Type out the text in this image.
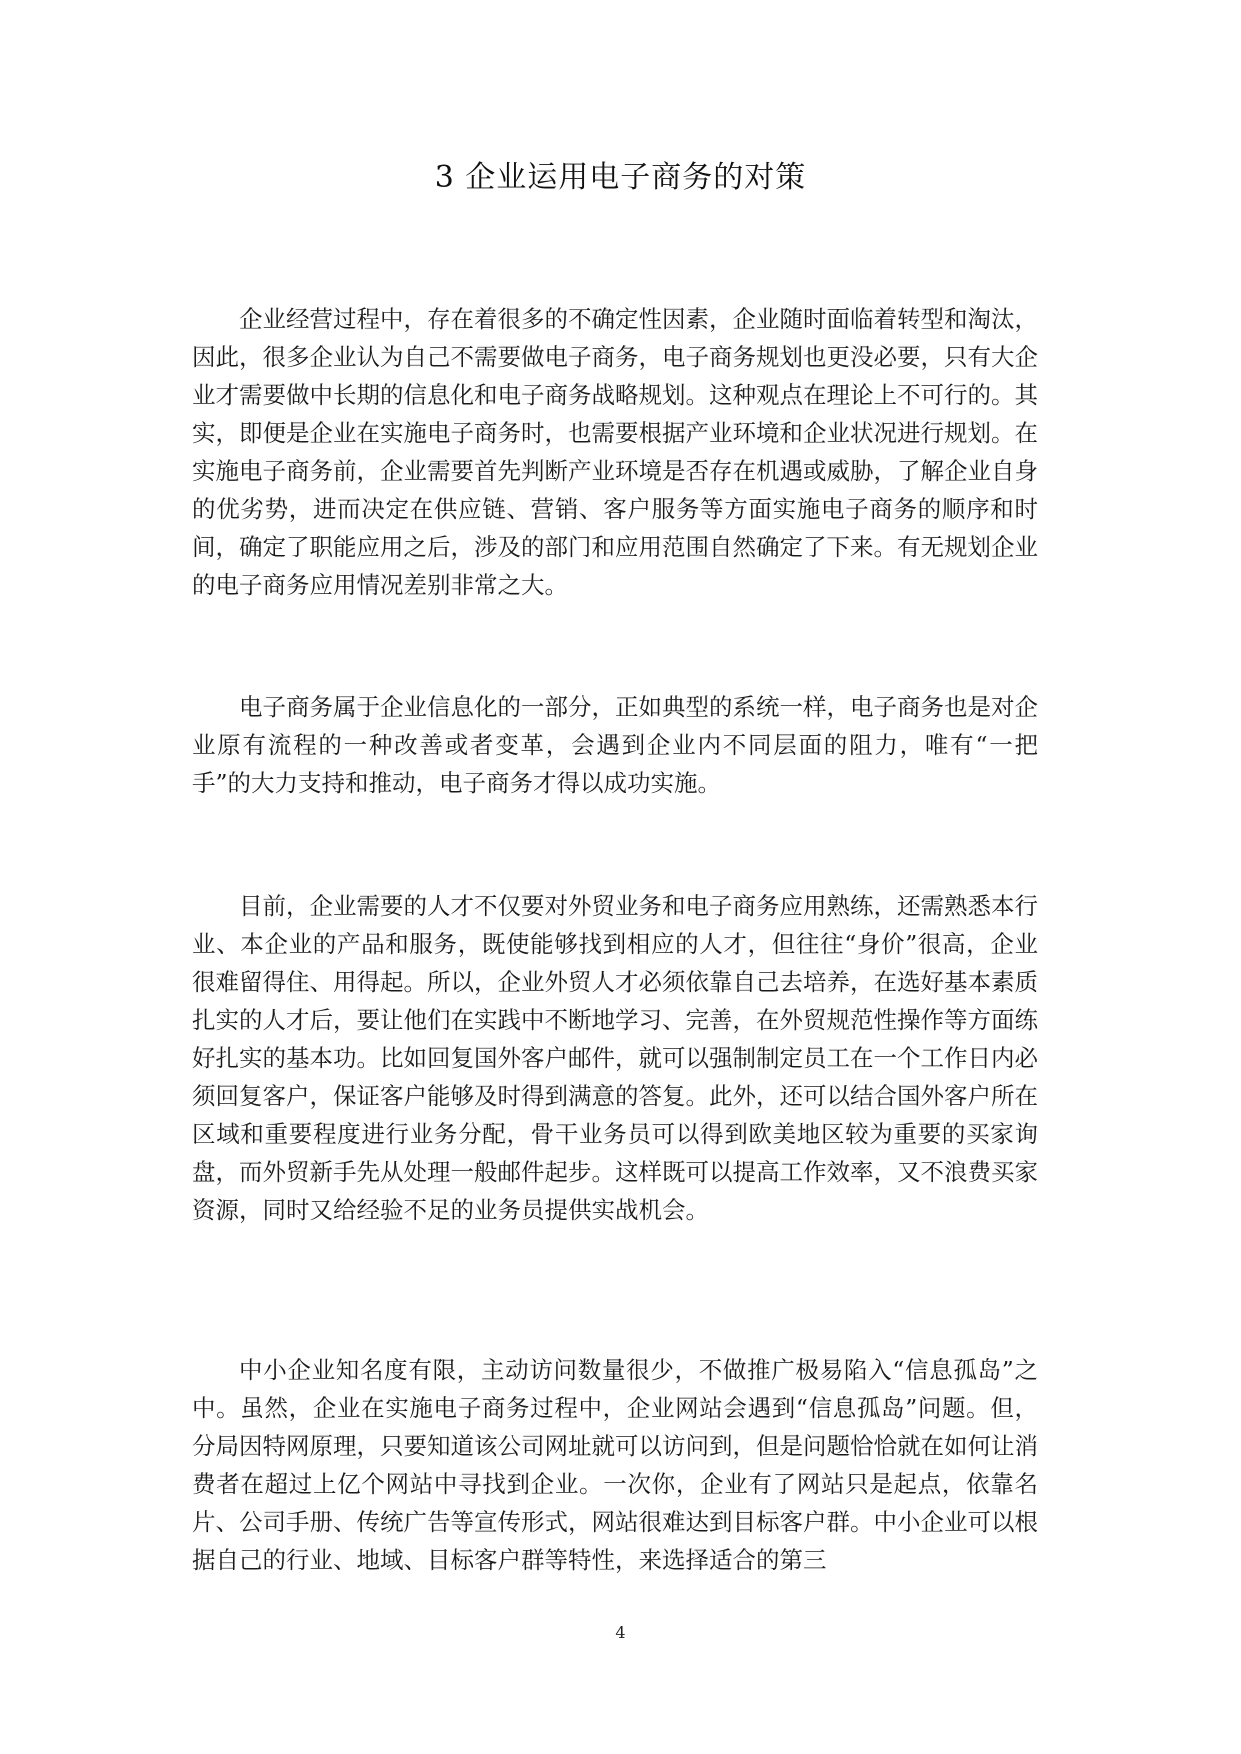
3 企业运用电子商务的对策

企业经营过程中，存在着很多的不确定性因素，企业随时面临着转型和淘汰，因此，很多企业认为自己不需要做电子商务，电子商务规划也更没必要，只有大企业才需要做中长期的信息化和电子商务战略规划。这种观点在理论上不可行的。其实，即便是企业在实施电子商务时，也需要根据产业环境和企业状况进行规划。在实施电子商务前，企业需要首先判断产业环境是否存在机遇或威胁，了解企业自身的优劣势，进而决定在供应链、营销、客户服务等方面实施电子商务的顺序和时间，确定了职能应用之后，涉及的部门和应用范围自然确定了下来。有无规划企业的电子商务应用情况差别非常之大。

电子商务属于企业信息化的一部分，正如典型的系统一样，电子商务也是对企业原有流程的一种改善或者变革，会遇到企业内不同层面的阻力，唯有“一把手”的大力支持和推动，电子商务才得以成功实施。

目前，企业需要的人才不仅要对外贸业务和电子商务应用熟练，还需熟悉本行业、本企业的产品和服务，既使能够找到相应的人才，但往往“身价”很高，企业很难留得住、用得起。所以，企业外贸人才必须依靠自己去培养，在选好基本素质扎实的人才后，要让他们在实践中不断地学习、完善，在外贸规范性操作等方面练好扎实的基本功。比如回复国外客户邮件，就可以强制制定员工在一个工作日内必须回复客户，保证客户能够及时得到满意的答复。此外，还可以结合国外客户所在区域和重要程度进行业务分配，骨干业务员可以得到欧美地区较为重要的买家询盘，而外贸新手先从处理一般邮件起步。这样既可以提高工作效率，又不浪费买家资源，同时又给经验不足的业务员提供实战机会。

中小企业知名度有限，主动访问数量很少，不做推广极易陷入“信息孤岛”之中。虽然，企业在实施电子商务过程中，企业网站会遇到“信息孤岛”问题。但，分局因特网原理，只要知道该公司网址就可以访问到，但是问题恰恰就在如何让消费者在超过上亿个网站中寻找到企业。一次你，企业有了网站只是起点，依靠名片、公司手册、传统广告等宣传形式，网站很难达到目标客户群。中小企业可以根据自己的行业、地域、目标客户群等特性，来选择适合的第三

4
